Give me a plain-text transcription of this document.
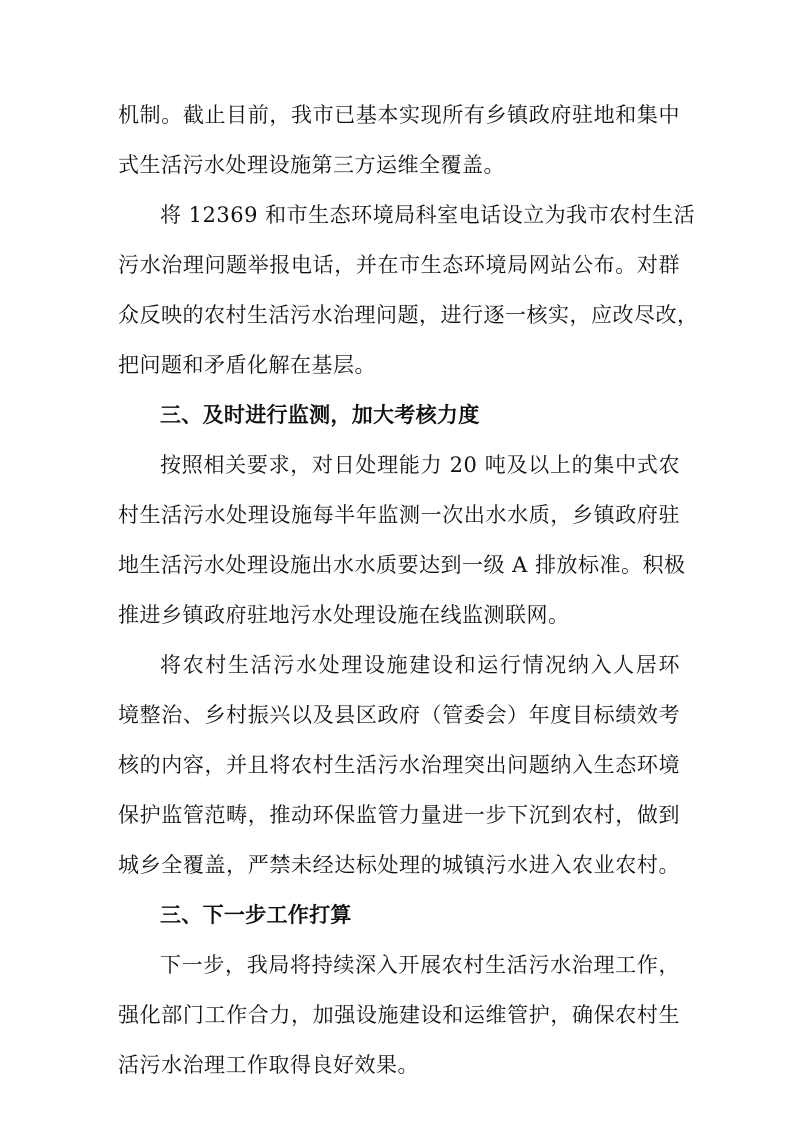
机制。截止目前，我市已基本实现所有乡镇政府驻地和集中
式生活污水处理设施第三方运维全覆盖。
将 12369 和市生态环境局科室电话设立为我市农村生活
污水治理问题举报电话，并在市生态环境局网站公布。对群
众反映的农村生活污水治理问题，进行逐一核实，应改尽改，
把问题和矛盾化解在基层。
三、及时进行监测，加大考核力度
按照相关要求，对日处理能力 20 吨及以上的集中式农
村生活污水处理设施每半年监测一次出水水质，乡镇政府驻
地生活污水处理设施出水水质要达到一级 A 排放标准。积极
推进乡镇政府驻地污水处理设施在线监测联网。
将农村生活污水处理设施建设和运行情况纳入人居环
境整治、乡村振兴以及县区政府（管委会）年度目标绩效考
核的内容，并且将农村生活污水治理突出问题纳入生态环境
保护监管范畴，推动环保监管力量进一步下沉到农村，做到
城乡全覆盖，严禁未经达标处理的城镇污水进入农业农村。
三、下一步工作打算
下一步，我局将持续深入开展农村生活污水治理工作，
强化部门工作合力，加强设施建设和运维管护，确保农村生
活污水治理工作取得良好效果。
